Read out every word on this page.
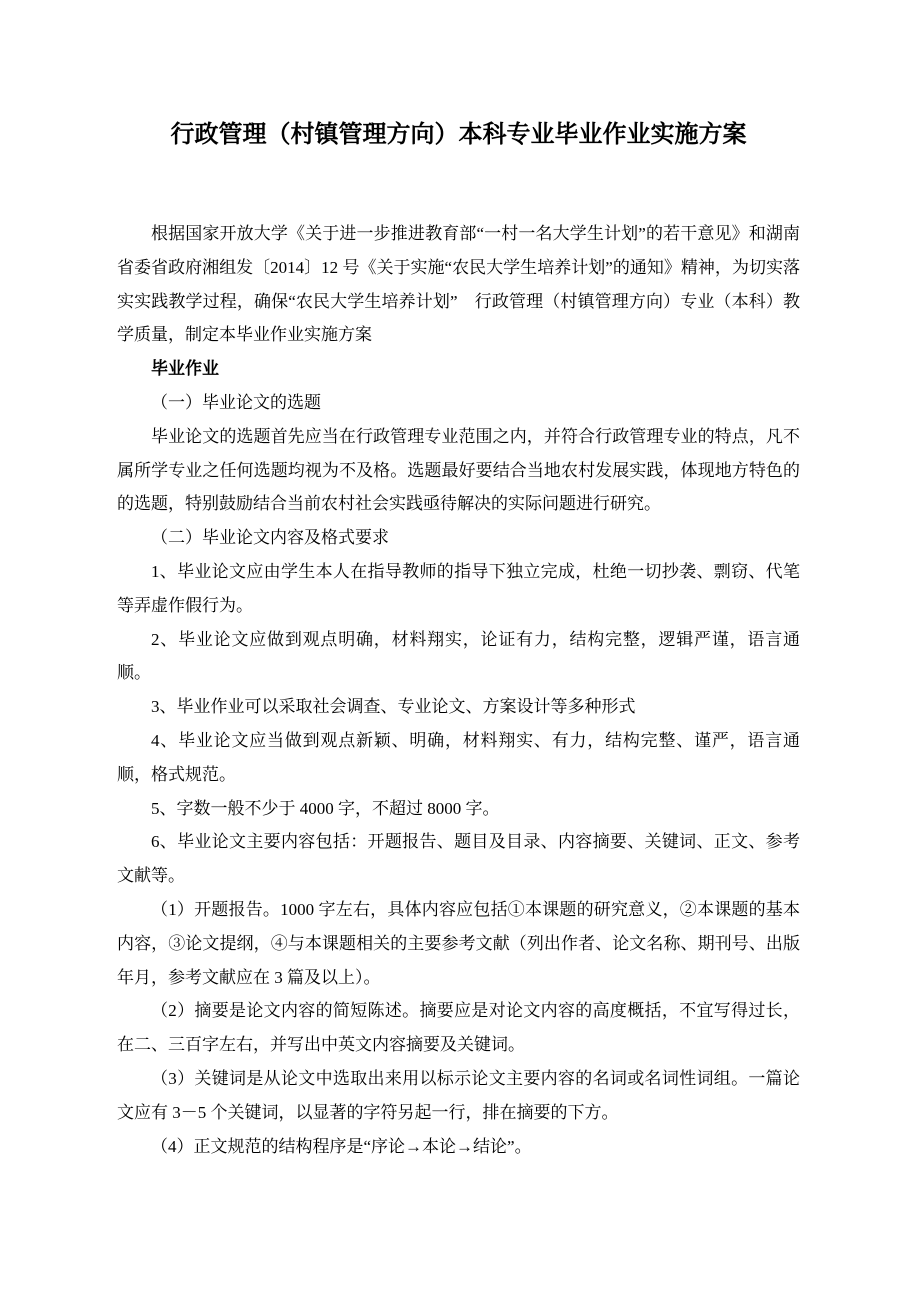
行政管理（村镇管理方向）本科专业毕业作业实施方案

根据国家开放大学《关于进一步推进教育部“一村一名大学生计划”的若干意见》和湖南省委省政府湘组发〔2014〕12 号《关于实施“农民大学生培养计划”的通知》精神，为切实落实实践教学过程，确保“农民大学生培养计划”　行政管理（村镇管理方向）专业（本科）教学质量，制定本毕业作业实施方案

毕业作业

（一）毕业论文的选题

毕业论文的选题首先应当在行政管理专业范围之内，并符合行政管理专业的特点，凡不属所学专业之任何选题均视为不及格。选题最好要结合当地农村发展实践，体现地方特色的的选题，特别鼓励结合当前农村社会实践亟待解决的实际问题进行研究。

（二）毕业论文内容及格式要求

1、毕业论文应由学生本人在指导教师的指导下独立完成，杜绝一切抄袭、剽窃、代笔等弄虚作假行为。

2、毕业论文应做到观点明确，材料翔实，论证有力，结构完整，逻辑严谨，语言通顺。

3、毕业作业可以采取社会调查、专业论文、方案设计等多种形式

4、毕业论文应当做到观点新颖、明确，材料翔实、有力，结构完整、谨严，语言通顺，格式规范。

5、字数一般不少于 4000 字，不超过 8000 字。

6、毕业论文主要内容包括：开题报告、题目及目录、内容摘要、关键词、正文、参考文献等。

（1）开题报告。1000 字左右，具体内容应包括①本课题的研究意义，②本课题的基本内容，③论文提纲，④与本课题相关的主要参考文献（列出作者、论文名称、期刊号、出版年月，参考文献应在 3 篇及以上）。

（2）摘要是论文内容的简短陈述。摘要应是对论文内容的高度概括，不宜写得过长，在二、三百字左右，并写出中英文内容摘要及关键词。

（3）关键词是从论文中选取出来用以标示论文主要内容的名词或名词性词组。一篇论文应有 3－5 个关键词，以显著的字符另起一行，排在摘要的下方。

（4）正文规范的结构程序是“序论→本论→结论”。
